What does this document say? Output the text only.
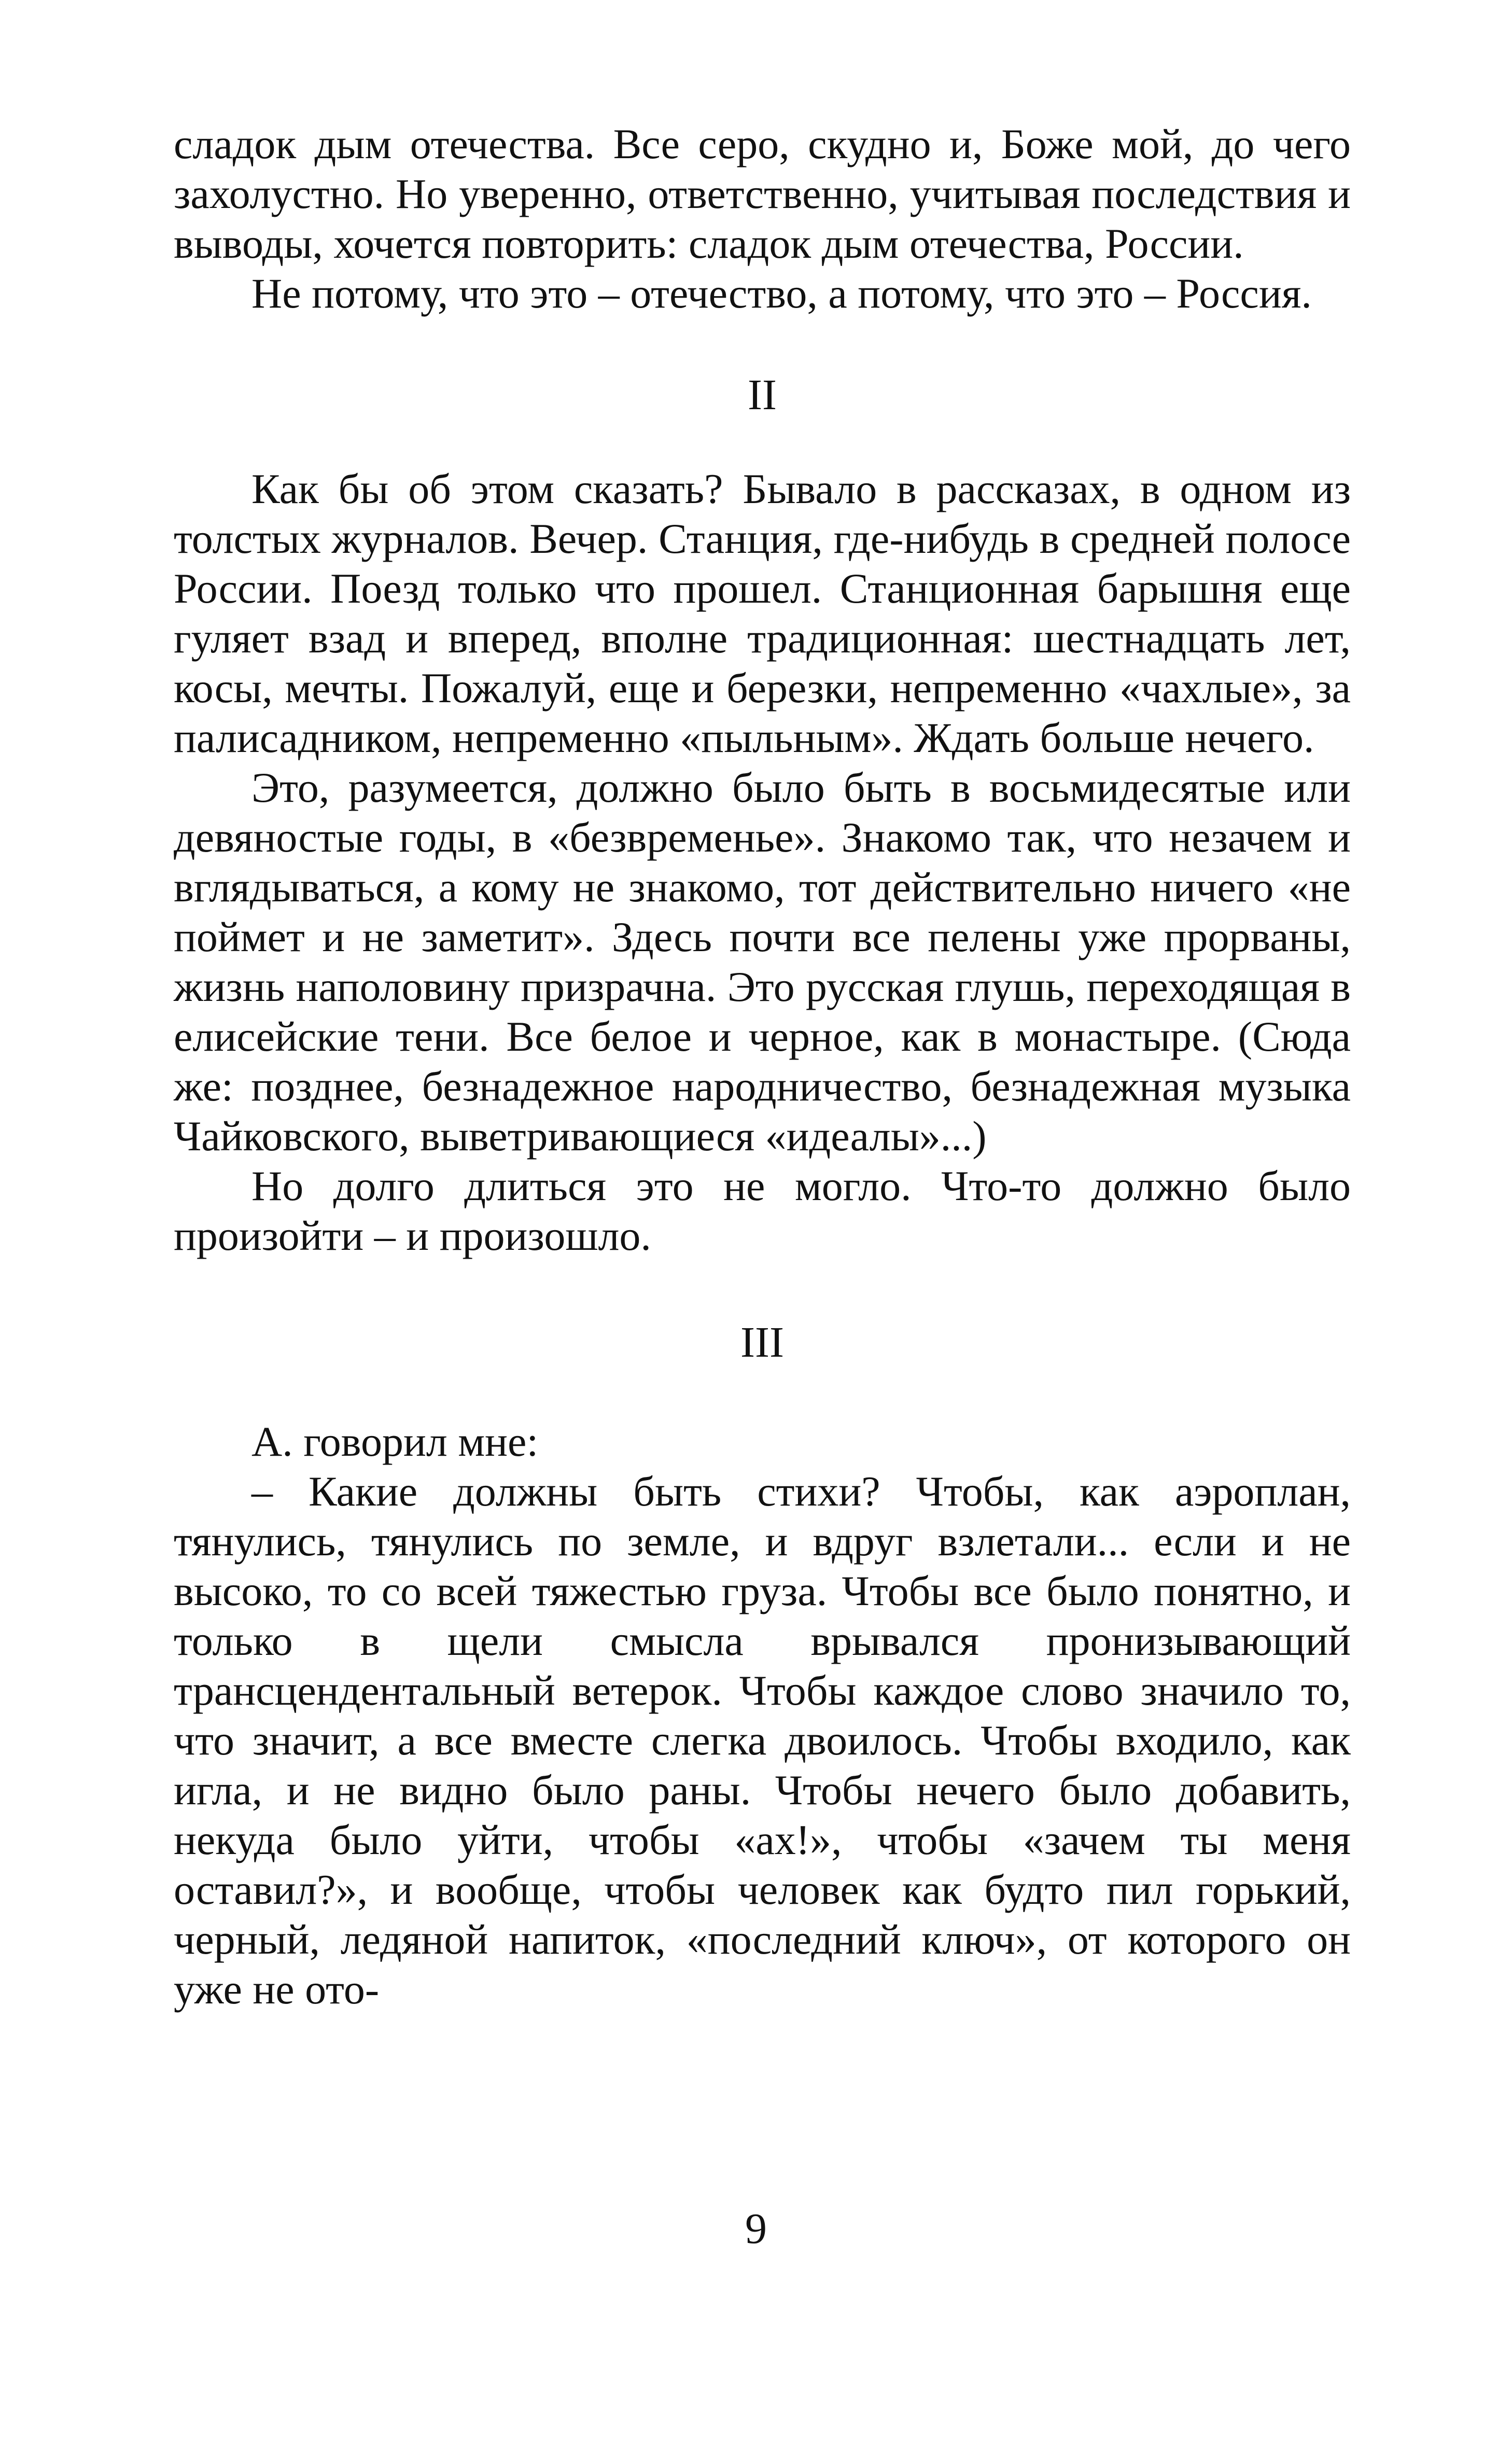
сладок дым отечества. Все серо, скудно и, Боже мой, до чего захолустно. Но уверенно, ответственно, учитывая последствия и выводы, хочется повторить: сладок дым отечества, России.

Не потому, что это – отечество, а потому, что это – Россия.

II

Как бы об этом сказать? Бывало в рассказах, в одном из толстых журналов. Вечер. Станция, где-нибудь в средней полосе России. Поезд только что прошел. Станционная барышня еще гуляет взад и вперед, вполне традиционная: шестнадцать лет, косы, мечты. Пожалуй, еще и березки, непременно «чахлые», за палисадником, непременно «пыльным». Ждать больше нечего.

Это, разумеется, должно было быть в восьмидесятые или девяностые годы, в «безвременье». Знакомо так, что незачем и вглядываться, а кому не знакомо, тот действительно ничего «не поймет и не заметит». Здесь почти все пелены уже прорваны, жизнь наполовину призрачна. Это русская глушь, переходящая в елисейские тени. Все белое и черное, как в монастыре. (Сюда же: позднее, безнадежное народничество, безнадежная музыка Чайковского, выветривающиеся «идеалы»...)

Но долго длиться это не могло. Что-то должно было произойти – и произошло.

III

А. говорил мне:

– Какие должны быть стихи? Чтобы, как аэроплан, тянулись, тянулись по земле, и вдруг взлетали... если и не высоко, то со всей тяжестью груза. Чтобы все было понятно, и только в щели смысла врывался пронизывающий трансцендентальный ветерок. Чтобы каждое слово значило то, что значит, а все вместе слегка двоилось. Чтобы входило, как игла, и не видно было раны. Чтобы нечего было добавить, некуда было уйти, чтобы «ах!», чтобы «зачем ты меня оставил?», и вообще, чтобы человек как будто пил горький, черный, ледяной напиток, «последний ключ», от которого он уже не ото-

9
